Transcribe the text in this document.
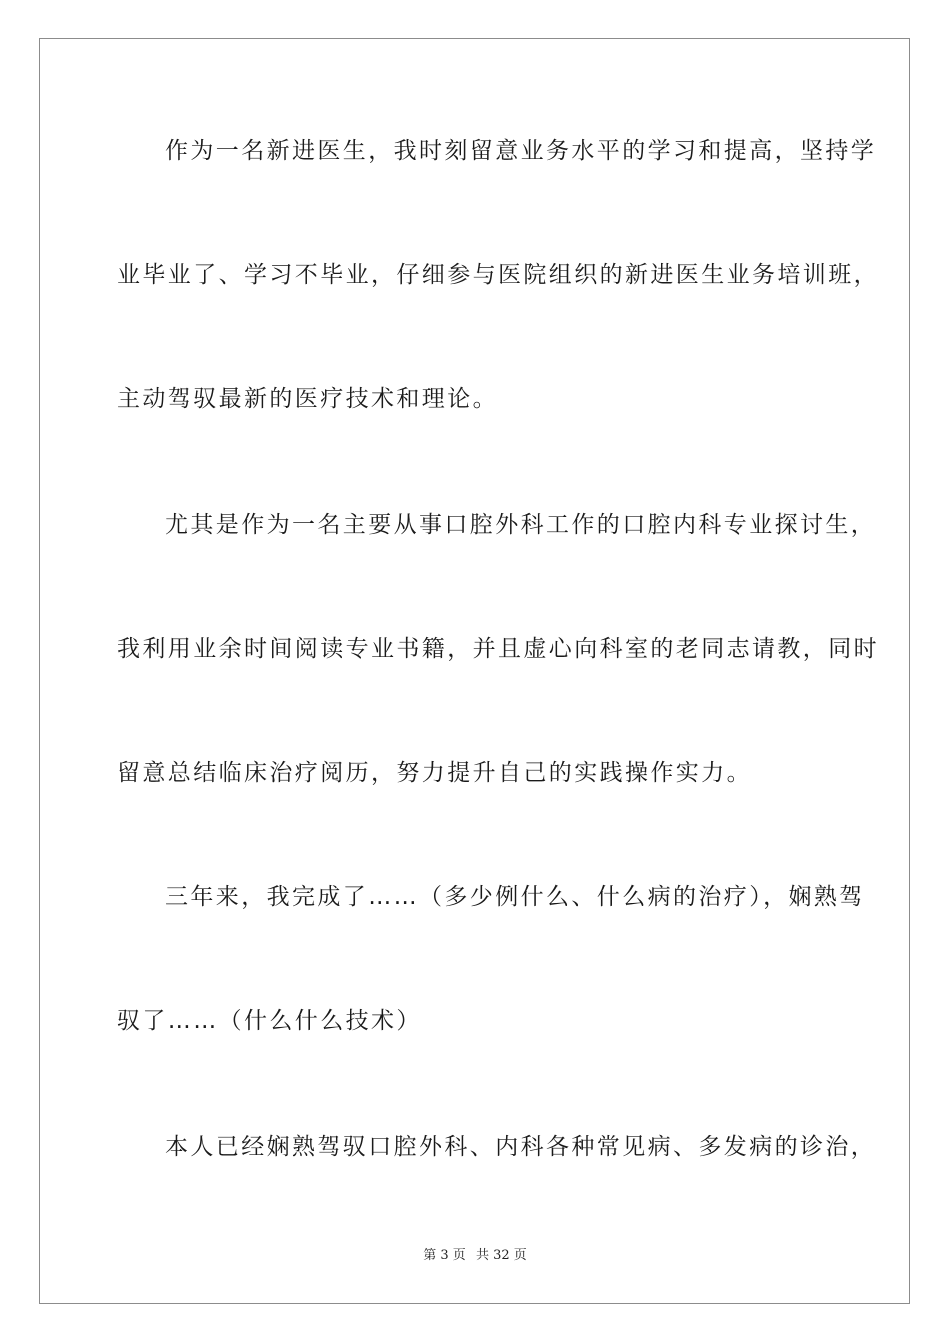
作为一名新进医生，我时刻留意业务水平的学习和提高，坚持学
业毕业了、学习不毕业，仔细参与医院组织的新进医生业务培训班，
主动驾驭最新的医疗技术和理论。
尤其是作为一名主要从事口腔外科工作的口腔内科专业探讨生，
我利用业余时间阅读专业书籍，并且虚心向科室的老同志请教，同时
留意总结临床治疗阅历，努力提升自己的实践操作实力。
三年来，我完成了……（多少例什么、什么病的治疗），娴熟驾
驭了……（什么什么技术）
本人已经娴熟驾驭口腔外科、内科各种常见病、多发病的诊治，
第 3 页 共 32 页
